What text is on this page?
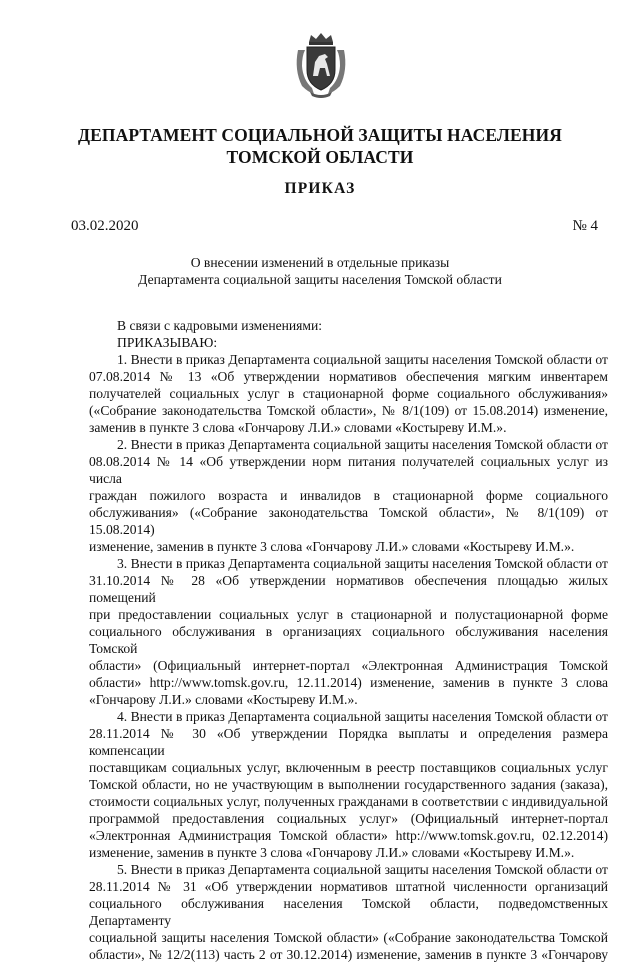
ДЕПАРТАМЕНТ СОЦИАЛЬНОЙ ЗАЩИТЫ НАСЕЛЕНИЯ
ТОМСКОЙ ОБЛАСТИ
ПРИКАЗ
03.02.2020	№ 4
О внесении изменений в отдельные приказы
Департамента социальной защиты населения Томской области
В связи с кадровыми изменениями:
ПРИКАЗЫВАЮ:
1. Внести в приказ Департамента социальной защиты населения Томской области от
07.08.2014 № 13 «Об утверждении нормативов обеспечения мягким инвентарем
получателей социальных услуг в стационарной форме социального обслуживания»
(«Собрание законодательства Томской области», № 8/1(109) от 15.08.2014) изменение,
заменив в пункте 3 слова «Гончарову Л.И.» словами «Костыреву И.М.».
2. Внести в приказ Департамента социальной защиты населения Томской области от
08.08.2014 № 14 «Об утверждении норм питания получателей социальных услуг из числа
граждан пожилого возраста и инвалидов в стационарной форме социального
обслуживания» («Собрание законодательства Томской области», № 8/1(109) от 15.08.2014)
изменение, заменив в пункте 3 слова «Гончарову Л.И.» словами «Костыреву И.М.».
3. Внести в приказ Департамента социальной защиты населения Томской области от
31.10.2014 № 28 «Об утверждении нормативов обеспечения площадью жилых помещений
при предоставлении социальных услуг в стационарной и полустационарной форме
социального обслуживания в организациях социального обслуживания населения Томской
области» (Официальный интернет-портал «Электронная Администрация Томской
области» http://www.tomsk.gov.ru, 12.11.2014) изменение, заменив в пункте 3 слова
«Гончарову Л.И.» словами «Костыреву И.М.».
4. Внести в приказ Департамента социальной защиты населения Томской области от
28.11.2014 № 30 «Об утверждении Порядка выплаты и определения размера компенсации
поставщикам социальных услуг, включенным в реестр поставщиков социальных услуг
Томской области, но не участвующим в выполнении государственного задания (заказа),
стоимости социальных услуг, полученных гражданами в соответствии с индивидуальной
программой предоставления социальных услуг» (Официальный интернет-портал
«Электронная Администрация Томской области» http://www.tomsk.gov.ru, 02.12.2014)
изменение, заменив в пункте 3 слова «Гончарову Л.И.» словами «Костыреву И.М.».
5. Внести в приказ Департамента социальной защиты населения Томской области от
28.11.2014 № 31 «Об утверждении нормативов штатной численности организаций
социального обслуживания населения Томской области, подведомственных Департаменту
социальной защиты населения Томской области» («Собрание законодательства Томской
области», № 12/2(113) часть 2 от 30.12.2014) изменение, заменив в пункте 3 «Гончарову
